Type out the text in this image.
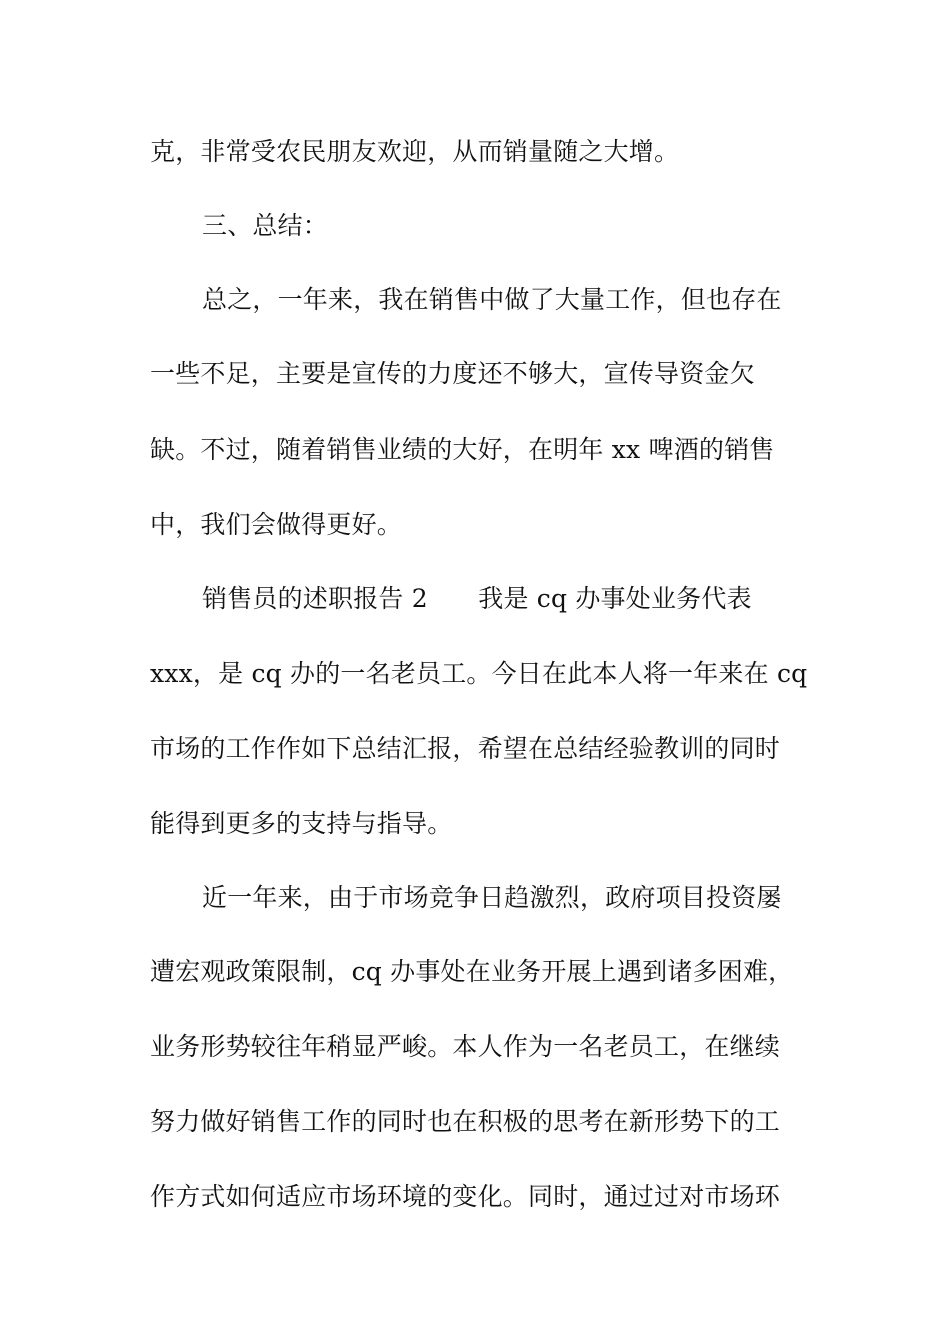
克，非常受农民朋友欢迎，从而销量随之大增。

三、总结：

总之，一年来，我在销售中做了大量工作，但也存在

一些不足，主要是宣传的力度还不够大，宣传导资金欠

缺。不过，随着销售业绩的大好，在明年 xx 啤酒的销售

中，我们会做得更好。

销售员的述职报告 2　　我是 cq 办事处业务代表

xxx，是 cq 办的一名老员工。今日在此本人将一年来在 cq

市场的工作作如下总结汇报，希望在总结经验教训的同时

能得到更多的支持与指导。

近一年来，由于市场竞争日趋激烈，政府项目投资屡

遭宏观政策限制，cq 办事处在业务开展上遇到诸多困难，

业务形势较往年稍显严峻。本人作为一名老员工，在继续

努力做好销售工作的同时也在积极的思考在新形势下的工

作方式如何适应市场环境的变化。同时，通过过对市场环
